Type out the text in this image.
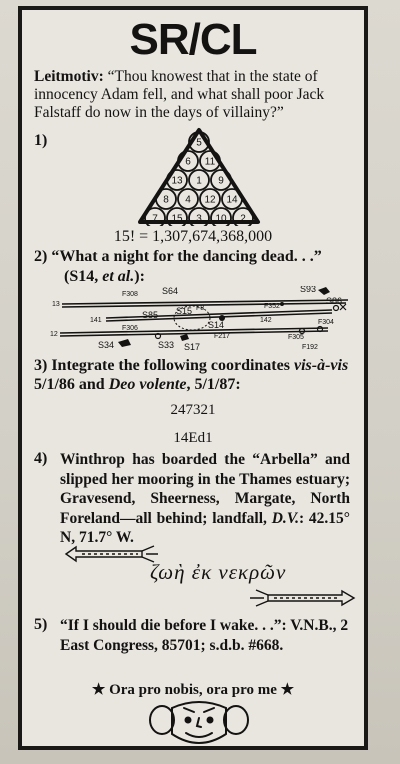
SR/CL
Leitmotiv: “Thou knowest that in the state of innocency Adam fell, and what shall poor Jack Falstaff do now in the days of villainy?”
1)	5
6 11
13 1 9
8 4 12 14
7 15 3 10 2
15! = 1,307,674,368,000
2) “What a night for the dancing dead. . .”
(S14, et al.):
13
F308	S64	S93
S86
F352
141
S85 S15 F8
S14	142	F304
F306
12
S34	S33
F217
S17
F305
F192
3) Integrate the following coordinates vis-à-vis 5/1/86 and Deo volente, 5/1/87:
247321
14Ed1
4) Winthrop has boarded the “Arbella” and slipped her mooring in the Thames estuary; Gravesend, Sheerness, Margate, North Foreland—all behind; landfall, D.V.: 42.15° N, 71.7° W.
ζωὴ ἐκ νεκρῶν
5) “If I should die before I wake. . .”: V.N.B., 2 East Congress, 85701; s.d.b. #668.
★ Ora pro nobis, ora pro me ★
